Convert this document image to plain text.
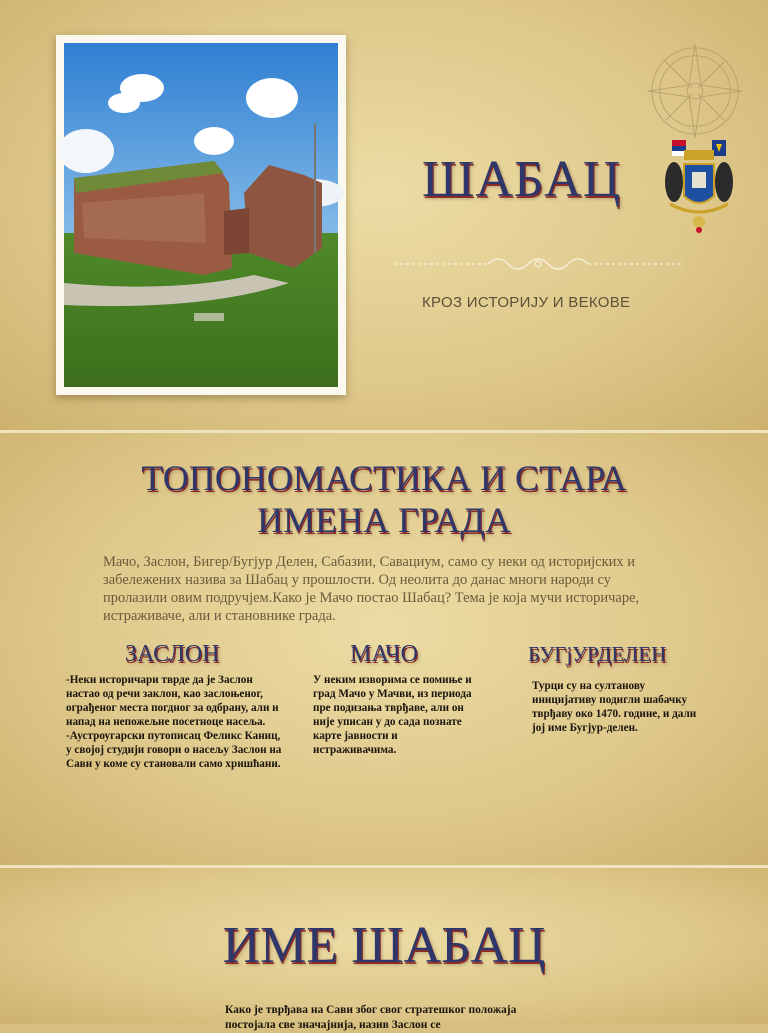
ШАБАЦ
КРОЗ ИСТОРИЈУ И ВЕКОВЕ
ТОПОНОМАСТИКА И СТАРА
ИМЕНА ГРАДА
Мачо, Заслон, Бигер/Бугјур Делен, Сабазии, Савациум, само су неки од историјских и забележених назива за Шабац у прошлости. Од неолита до данас многи народи су пролазили овим подручјем.Како је Мачо постао Шабац? Тема је која мучи историчаре, истраживаче, али и становнике града.
ЗАСЛОН
-Неки историчари тврде да је Заслон настао од речи заклон, као заслоњеног, ограђеног места погдног за одбрану, али и напад на непожељне посетноце насеља.
-Аустроугарски путописац Феликс Каниц, у својој студији говори о насељу Заслон на Сави у коме су становали само хришћани.
МАЧО
У неким изворима се помиње и град Мачо у Мачви, из периода пре подизања тврђаве, али он није уписан у до сада познате карте јавности и истраживачима.
БУГјУРДЕЛЕН
Турци су на султанову иницијативу подигли шабачку тврђаву око 1470. године, и дали јој име Бугјур-делен.
ИМЕ ШАБАЦ
Како је тврђава на Сави због свог стратешког положаја постојала све значајнија, назив Заслон се
